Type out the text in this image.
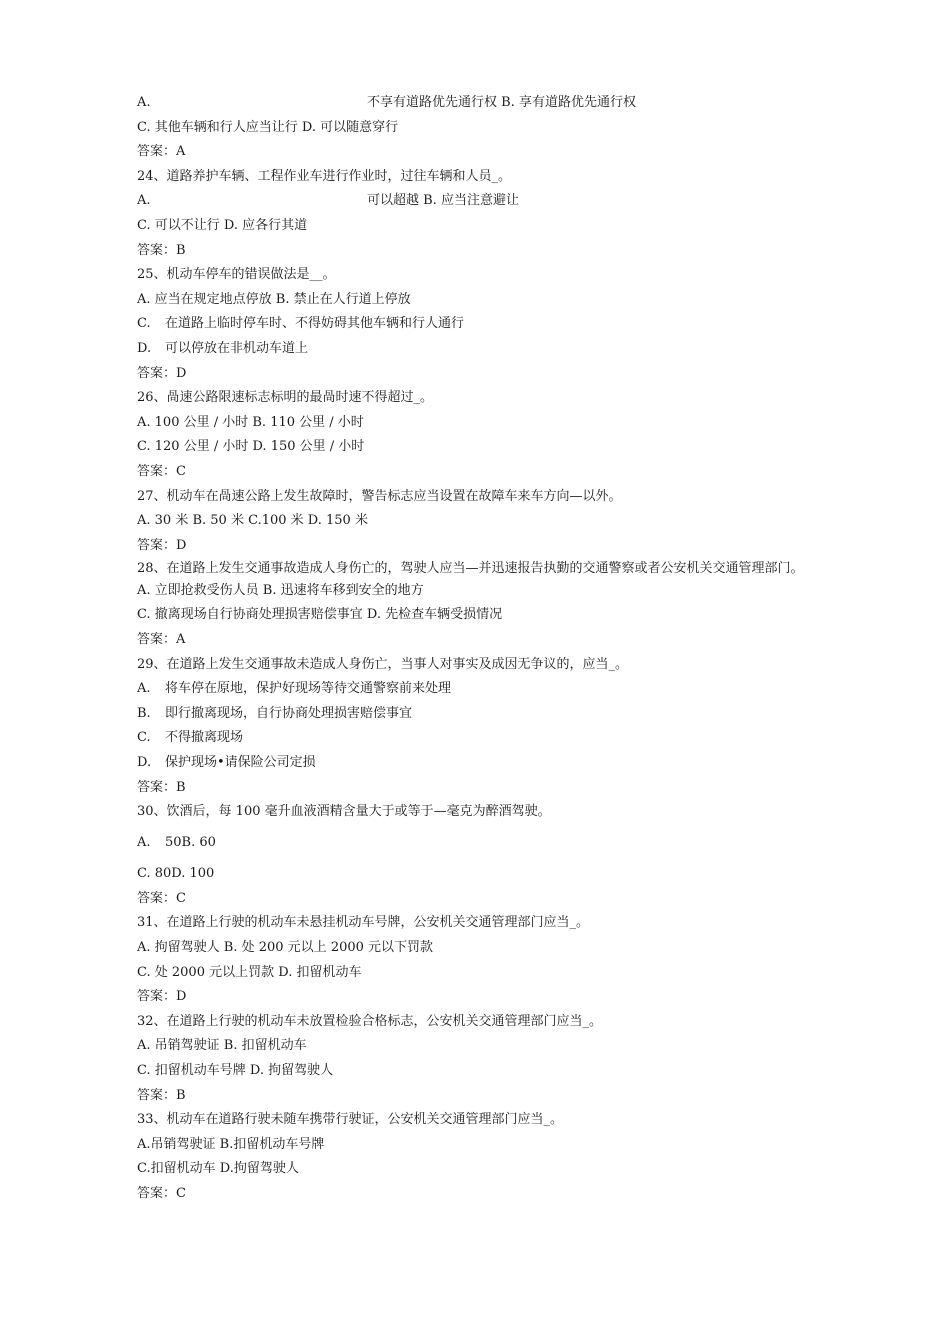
A.	不享有道路优先通行权 B. 享有道路优先通行权
C. 其他车辆和行人应当让行 D. 可以随意穿行
答案：A
24、道路养护车辆、工程作业车进行作业时，过往车辆和人员_。
A.	可以超越 B. 应当注意避让
C. 可以不让行 D. 应各行其道
答案：B
25、机动车停车的错误做法是__。
A. 应当在规定地点停放 B. 禁止在人行道上停放
C. 在道路上临时停车时、不得妨碍其他车辆和行人通行
D. 可以停放在非机动车道上
答案：D
26、咼速公路限速标志标明的最咼时速不得超过_。
A. 100 公里 / 小时 B. 110 公里 / 小时
C. 120 公里 / 小时 D. 150 公里 / 小时
答案：C
27、机动车在咼速公路上发生故障时，警告标志应当设置在故障车来车方向—以外。
A. 30 米 B. 50 米 C.100 米 D. 150 米
答案：D
28、在道路上发生交通事故造成人身伤亡的，驾驶人应当—并迅速报告执勤的交通警察或者公安机关交通管理部门。
A. 立即抢救受伤人员 B. 迅速将车移到安全的地方
C. 撤离现场自行协商处理损害赔偿事宜 D. 先检查车辆受损情况
答案：A
29、在道路上发生交通事故未造成人身伤亡，当事人对事实及成因无争议的，应当_。
A. 将车停在原地，保护好现场等待交通警察前来处理
B. 即行撤离现场，自行协商处理损害赔偿事宜
C. 不得撤离现场
D. 保护现场•请保险公司定损
答案：B
30、饮酒后，每 100 毫升血液酒精含量大于或等于—毫克为醉酒驾驶。
A. 50B. 60
C. 80D. 100
答案：C
31、在道路上行驶的机动车未悬挂机动车号牌，公安机关交通管理部门应当_。
A. 拘留驾驶人 B. 处 200 元以上 2000 元以下罚款
C. 处 2000 元以上罚款 D. 扣留机动车
答案：D
32、在道路上行驶的机动车未放置检验合格标志，公安机关交通管理部门应当_。
A. 吊销驾驶证 B. 扣留机动车
C. 扣留机动车号牌 D. 拘留驾驶人
答案：B
33、机动车在道路行驶未随车携带行驶证，公安机关交通管理部门应当_。
A.吊销驾驶证 B.扣留机动车号牌
C.扣留机动车 D.拘留驾驶人
答案：C
